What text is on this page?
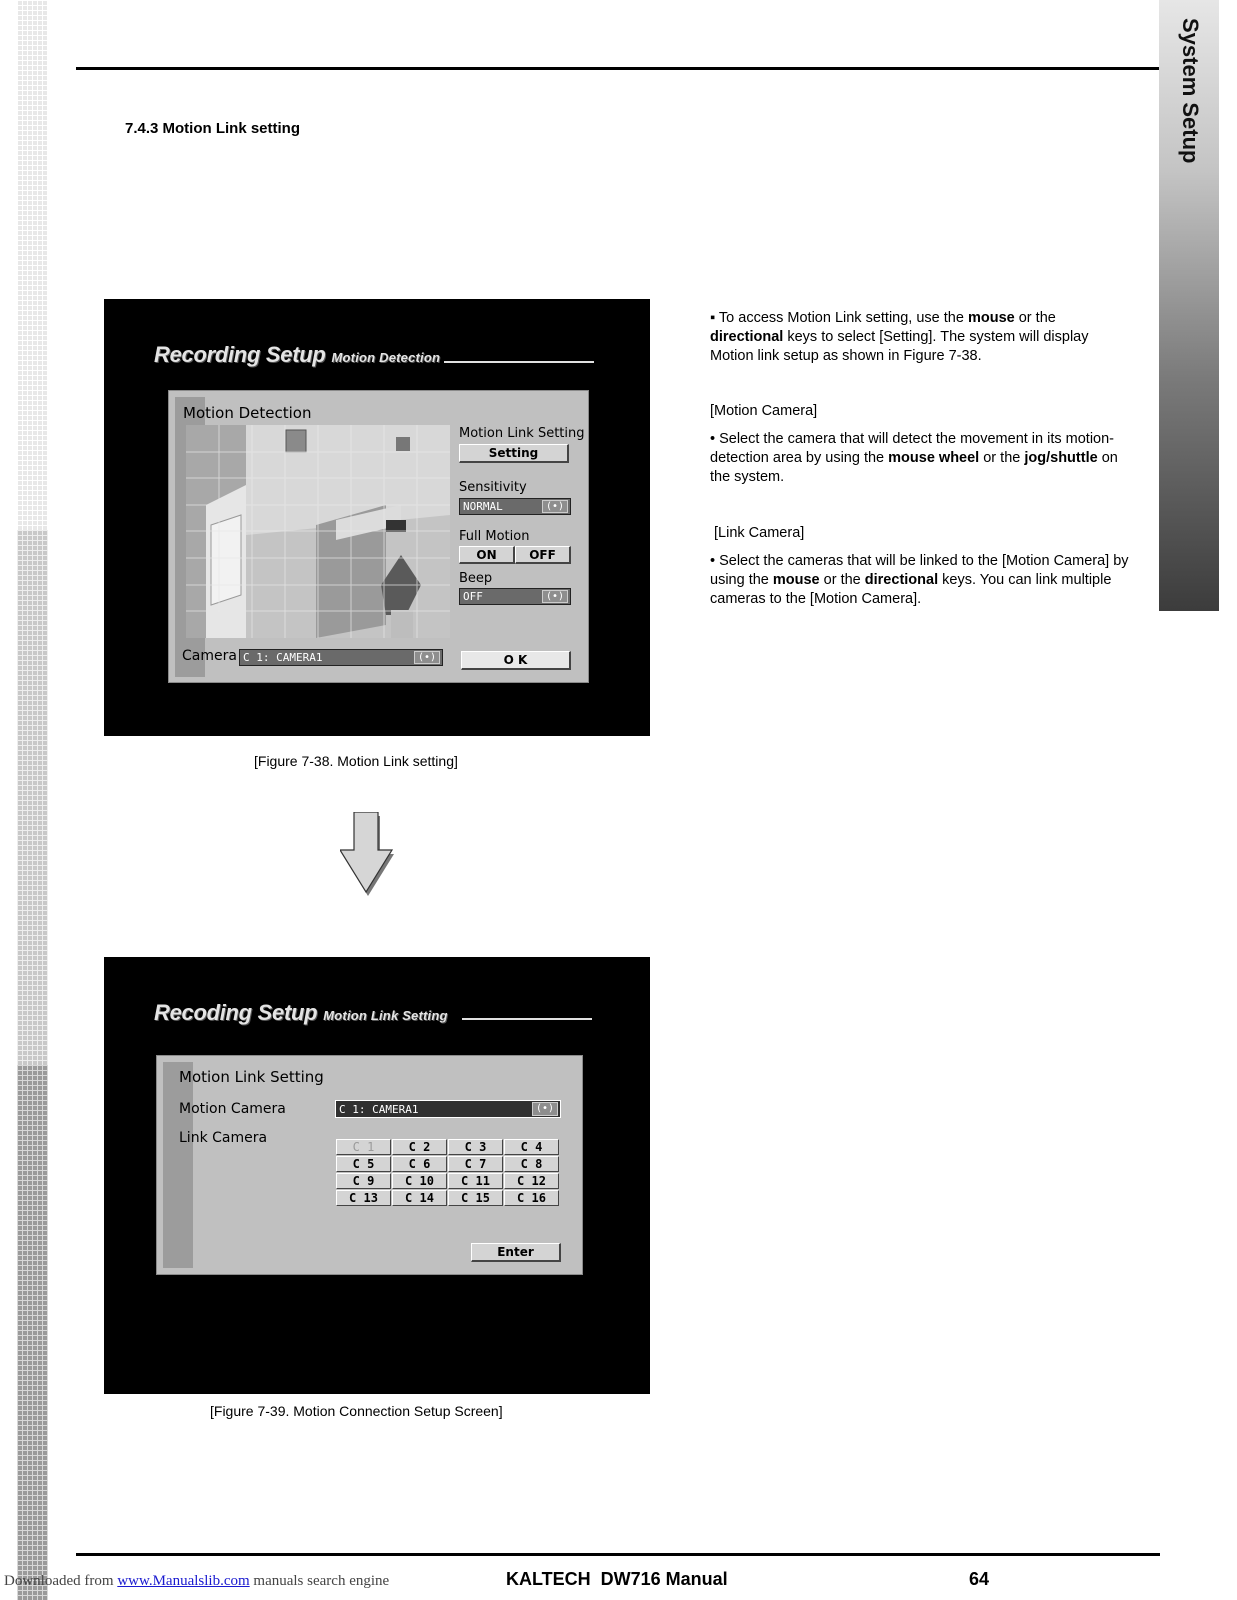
System Setup
7.4.3 Motion Link setting
Recording Setup Motion Detection
Motion Detection
Motion Link Setting
Setting
Sensitivity
NORMAL	(•)
Full Motion
ON	OFF
Beep
OFF	(•)
Camera C 1: CAMERA1	(•)	O K
[Figure 7-38. Motion Link setting]
Recoding Setup Motion Link Setting
Motion Link Setting
Motion Camera	C 1: CAMERA1	(•)
Link Camera
C 1	C 2	C 3	C 4
C 5	C 6	C 7	C 8
C 9	C 10	C 11	C 12
C 13	C 14	C 15	C 16
Enter
[Figure 7-39. Motion Connection Setup Screen]

▪ To access Motion Link setting, use the mouse or the directional keys to select [Setting]. The system will display Motion link setup as shown in Figure 7-38.

[Motion Camera]

• Select the camera that will detect the movement in its motion-detection area by using the mouse wheel or the jog/shuttle on the system.

[Link Camera]

• Select the cameras that will be linked to the [Motion Camera] by using the mouse or the directional keys. You can link multiple cameras to the [Motion Camera].

Downloaded from www.Manualslib.com manuals search engine	KALTECH  DW716 Manual	64
